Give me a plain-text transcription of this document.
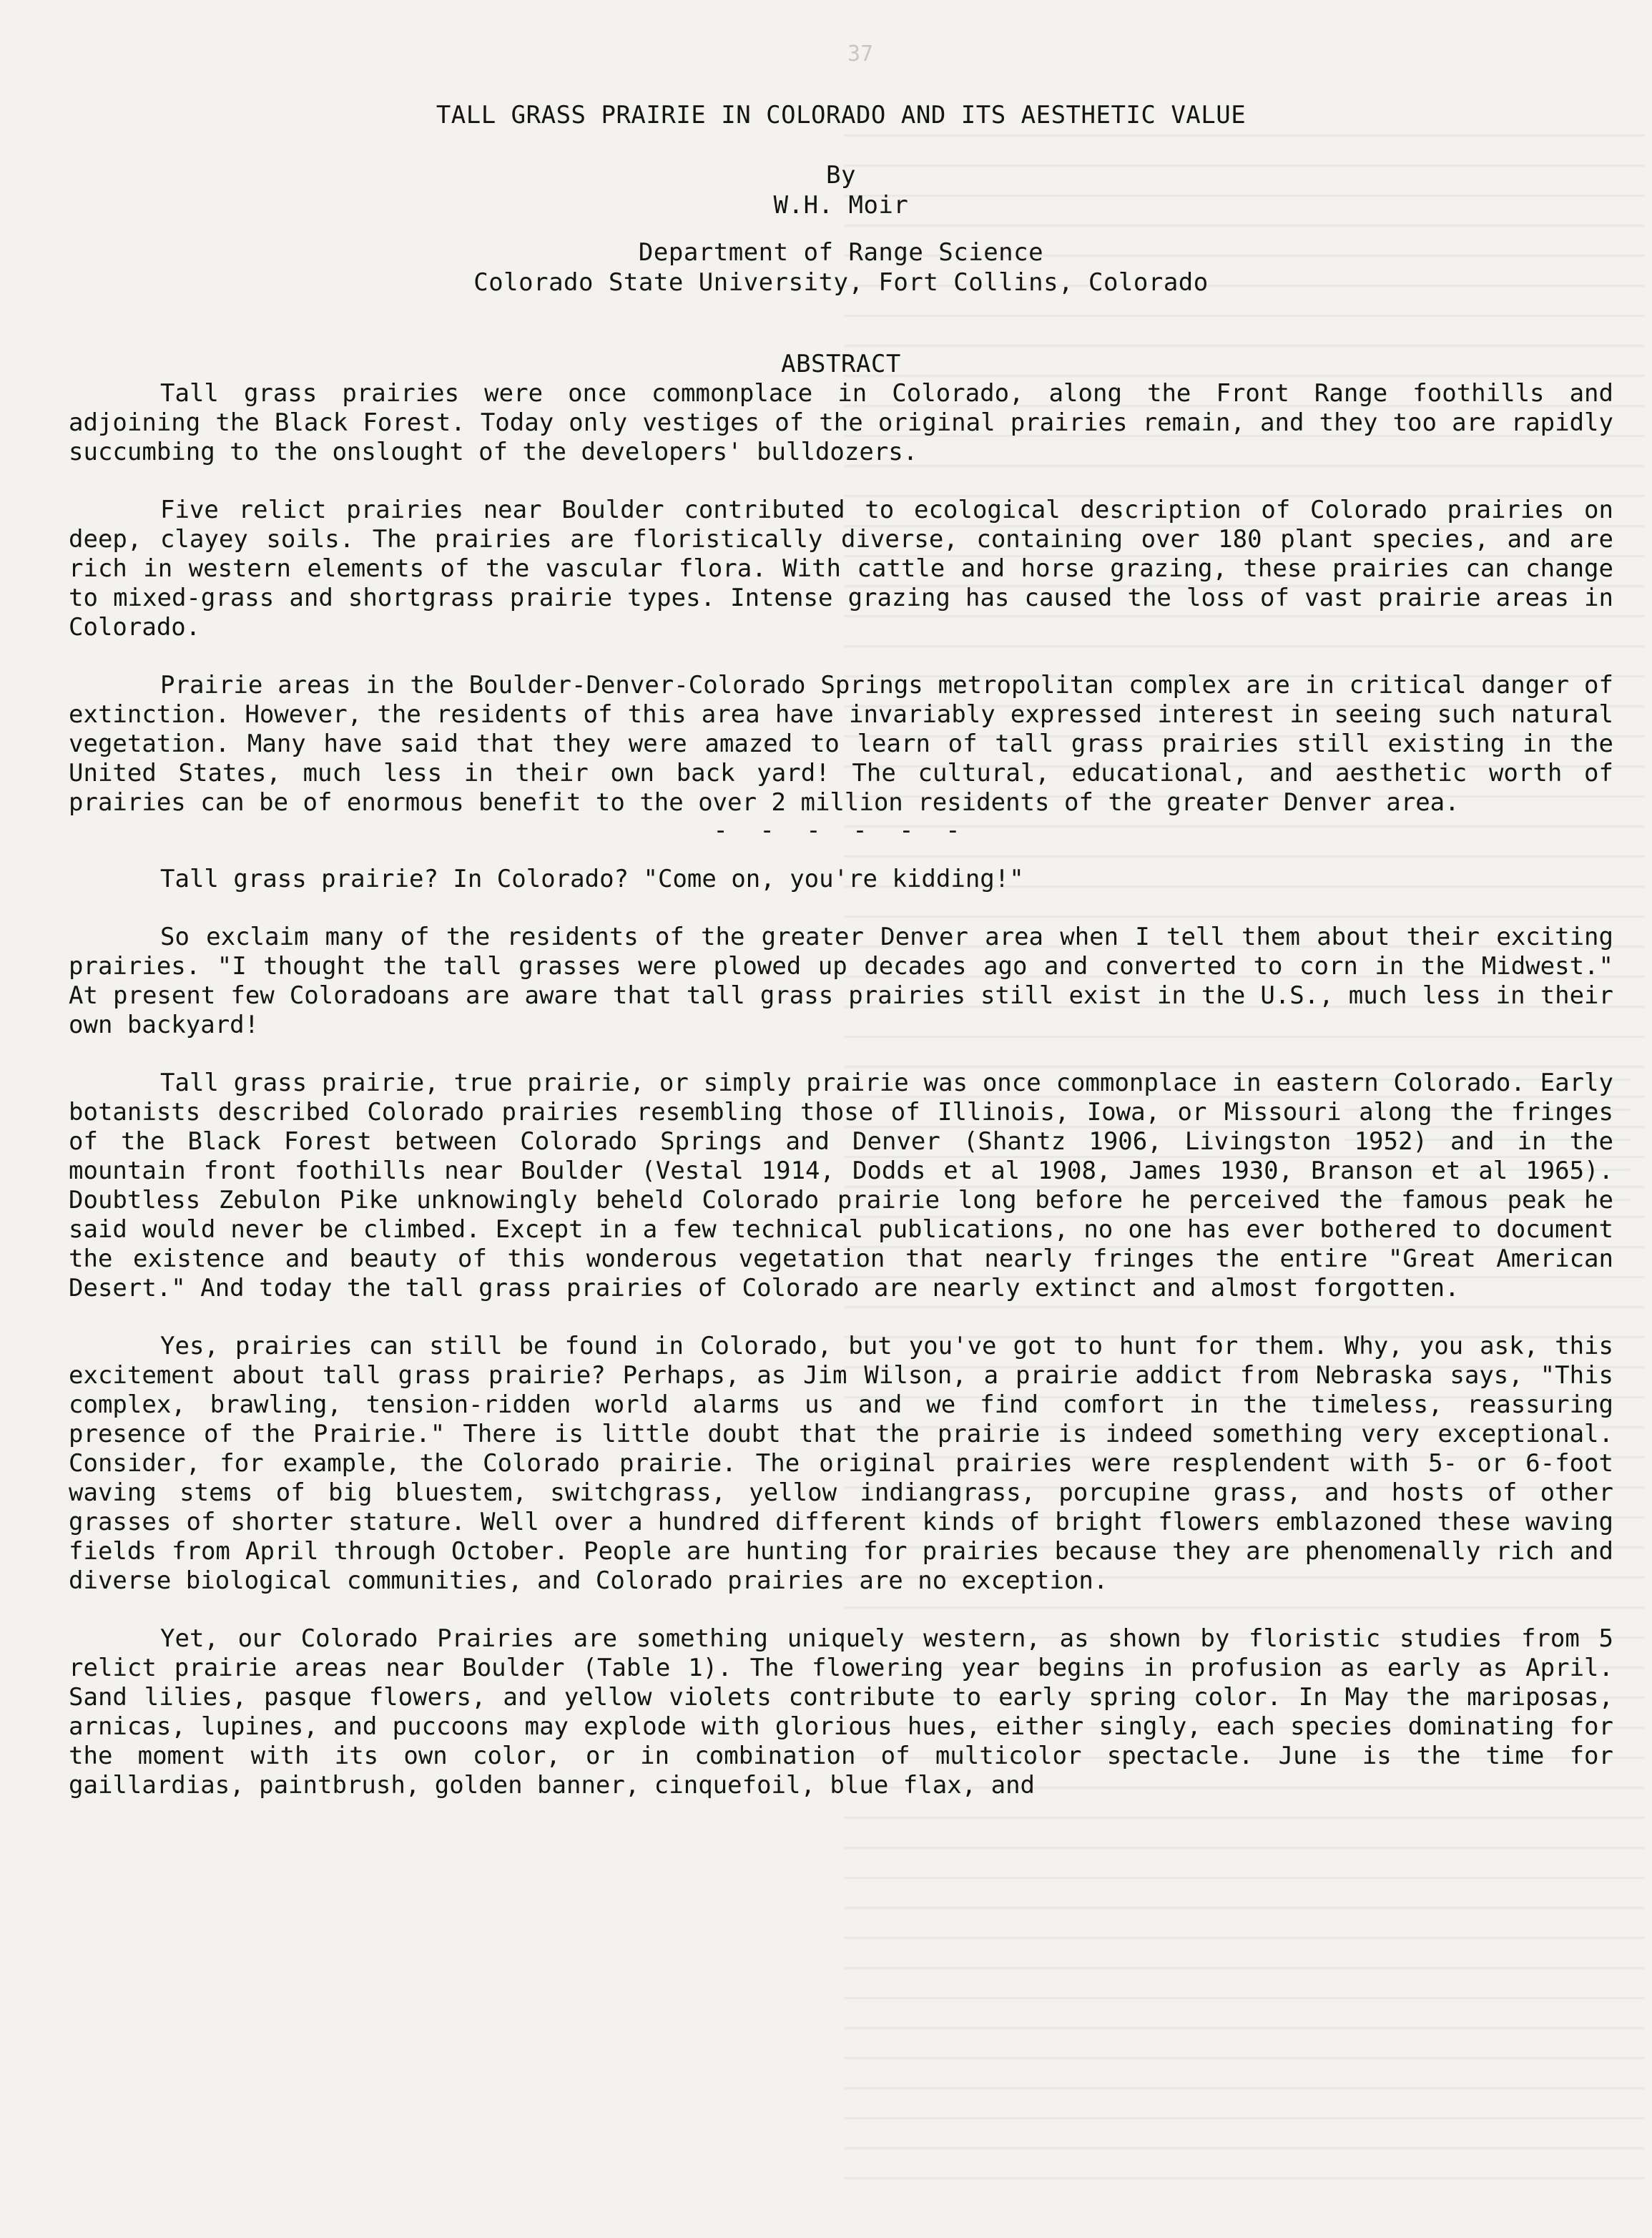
37
TALL GRASS PRAIRIE IN COLORADO AND ITS AESTHETIC VALUE
By
W.H. Moir
Department of Range Science
Colorado State University, Fort Collins, Colorado
ABSTRACT

Tall grass prairies were once commonplace in Colorado, along the Front Range foothills and adjoining the Black Forest. Today only vestiges of the original prairies remain, and they too are rapidly succumbing to the onslought of the developers' bulldozers.

Five relict prairies near Boulder contributed to ecological description of Colorado prairies on deep, clayey soils. The prairies are floristically diverse, containing over 180 plant species, and are rich in western elements of the vascular flora. With cattle and horse grazing, these prairies can change to mixed-grass and shortgrass prairie types. Intense grazing has caused the loss of vast prairie areas in Colorado.

Prairie areas in the Boulder-Denver-Colorado Springs metropolitan complex are in critical danger of extinction. However, the residents of this area have invariably expressed interest in seeing such natural vegetation. Many have said that they were amazed to learn of tall grass prairies still existing in the United States, much less in their own back yard! The cultural, educational, and aesthetic worth of prairies can be of enormous benefit to the over 2 million residents of the greater Denver area.

- - - - - -
Tall grass prairie? In Colorado? "Come on, you're kidding!"

So exclaim many of the residents of the greater Denver area when I tell them about their exciting prairies. "I thought the tall grasses were plowed up decades ago and converted to corn in the Midwest." At present few Coloradoans are aware that tall grass prairies still exist in the U.S., much less in their own backyard!

Tall grass prairie, true prairie, or simply prairie was once commonplace in eastern Colorado. Early botanists described Colorado prairies resembling those of Illinois, Iowa, or Missouri along the fringes of the Black Forest between Colorado Springs and Denver (Shantz 1906, Livingston 1952) and in the mountain front foothills near Boulder (Vestal 1914, Dodds et al 1908, James 1930, Branson et al 1965). Doubtless Zebulon Pike unknowingly beheld Colorado prairie long before he perceived the famous peak he said would never be climbed. Except in a few technical publications, no one has ever bothered to document the existence and beauty of this wonderous vegetation that nearly fringes the entire "Great American Desert." And today the tall grass prairies of Colorado are nearly extinct and almost forgotten.

Yes, prairies can still be found in Colorado, but you've got to hunt for them. Why, you ask, this excitement about tall grass prairie? Perhaps, as Jim Wilson, a prairie addict from Nebraska says, "This complex, brawling, tension-ridden world alarms us and we find comfort in the timeless, reassuring presence of the Prairie." There is little doubt that the prairie is indeed something very exceptional. Consider, for example, the Colorado prairie. The original prairies were resplendent with 5- or 6-foot waving stems of big bluestem, switchgrass, yellow indiangrass, porcupine grass, and hosts of other grasses of shorter stature. Well over a hundred different kinds of bright flowers emblazoned these waving fields from April through October. People are hunting for prairies because they are phenomenally rich and diverse biological communities, and Colorado prairies are no exception.

Yet, our Colorado Prairies are something uniquely western, as shown by floristic studies from 5 relict prairie areas near Boulder (Table 1). The flowering year begins in profusion as early as April. Sand lilies, pasque flowers, and yellow violets contribute to early spring color. In May the mariposas, arnicas, lupines, and puccoons may explode with glorious hues, either singly, each species dominating for the moment with its own color, or in combination of multicolor spectacle. June is the time for gaillardias, paintbrush, golden banner, cinquefoil, blue flax, and
